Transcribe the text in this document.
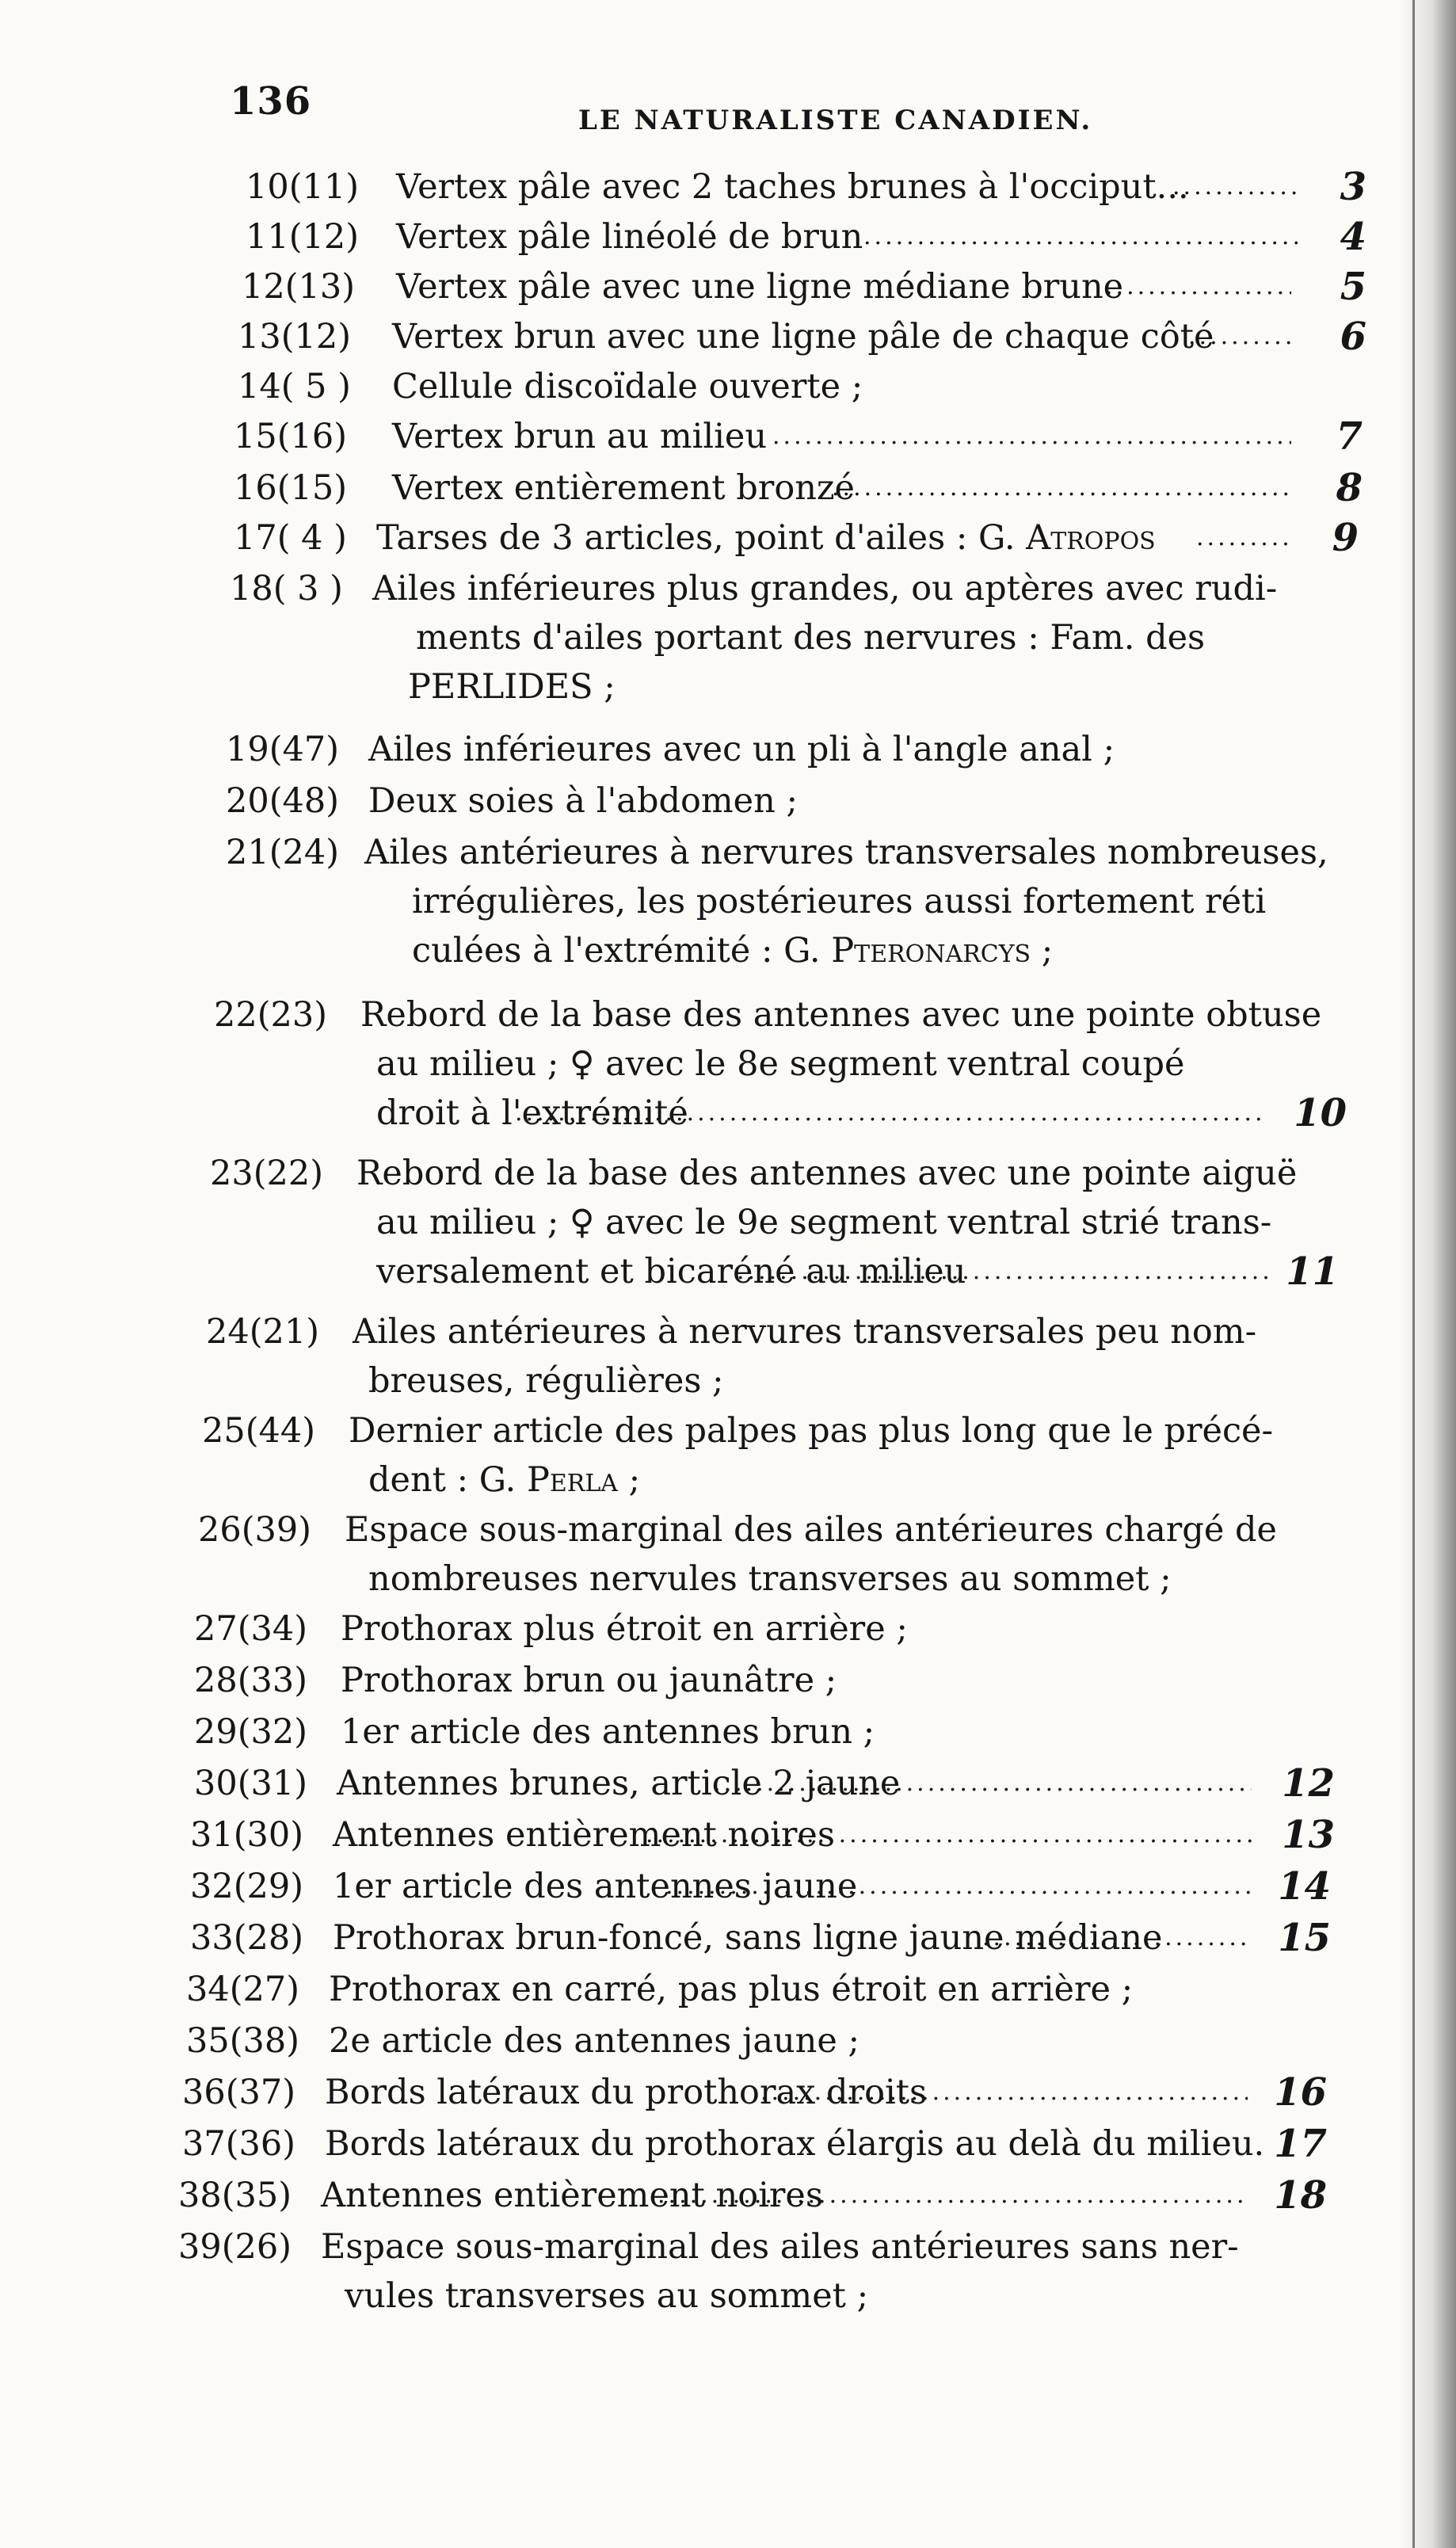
136	LE NATURALISTE CANADIEN.
10(11) Vertex pâle avec 2 taches brunes à l'occiput... .....	3
11(12) Vertex pâle linéolé de brun .....	4
12(13) Vertex pâle avec une ligne médiane brune .....	5
13(12) Vertex brun avec une ligne pâle de chaque côté .....	6
14( 5 ) Cellule discoïdale ouverte ;
15(16) Vertex brun au milieu .....	7
16(15) Vertex entièrement bronzé .....	8
17( 4 ) Tarses de 3 articles, point d'ailes : G. Atropos .....	9
18( 3 ) Ailes inférieures plus grandes, ou aptères avec rudi-
ments d'ailes portant des nervures : Fam. des
PERLIDES ;
19(47) Ailes inférieures avec un pli à l'angle anal ;
20(48) Deux soies à l'abdomen ;
21(24) Ailes antérieures à nervures transversales nombreuses,
irrégulières, les postérieures aussi fortement réti
culées à l'extrémité : G. Pteronarcys ;
22(23) Rebord de la base des antennes avec une pointe obtuse
au milieu ; ♀ avec le 8e segment ventral coupé
droit à l'extrémité .....	10
23(22) Rebord de la base des antennes avec une pointe aiguë
au milieu ; ♀ avec le 9e segment ventral strié trans-
versalement et bicaréné au milieu .....	11
24(21) Ailes antérieures à nervures transversales peu nom-
breuses, régulières ;
25(44) Dernier article des palpes pas plus long que le précé-
dent : G. Perla ;
26(39) Espace sous-marginal des ailes antérieures chargé de
nombreuses nervules transverses au sommet ;
27(34) Prothorax plus étroit en arrière ;
28(33) Prothorax brun ou jaunâtre ;
29(32) 1er article des antennes brun ;
30(31) Antennes brunes, article 2 jaune .....	12
31(30) Antennes entièrement noires .....	13
32(29) 1er article des antennes jaune .....	14
33(28) Prothorax brun-foncé, sans ligne jaune médiane .....	15
34(27) Prothorax en carré, pas plus étroit en arrière ;
35(38) 2e article des antennes jaune ;
36(37) Bords latéraux du prothorax droits .....	16
37(36) Bords latéraux du prothorax élargis au delà du milieu. 17
38(35) Antennes entièrement noires .....	18
39(26) Espace sous-marginal des ailes antérieures sans ner-
vules transverses au sommet ;
